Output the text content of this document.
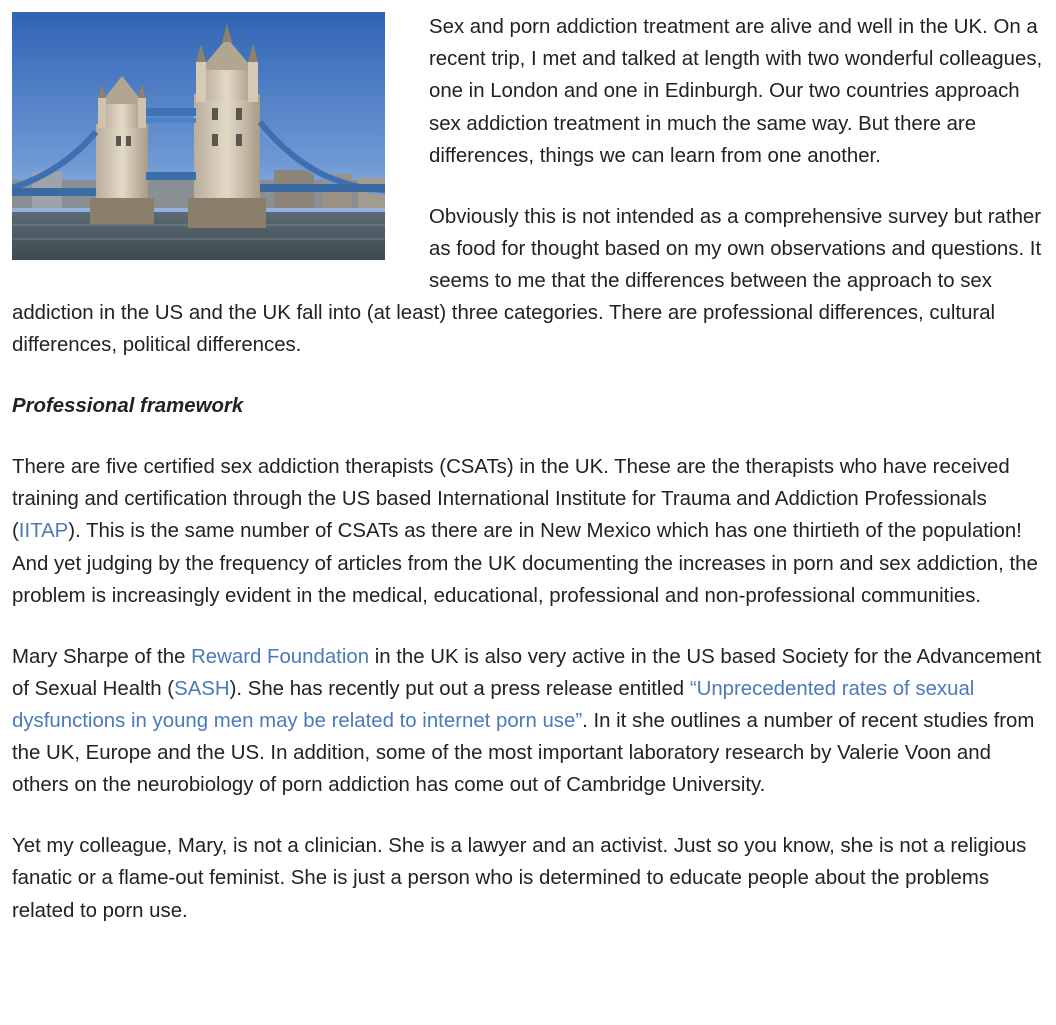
Sex and porn addiction treatment are alive and well in the UK. On a recent trip, I met and talked at length with two wonderful colleagues, one in London and one in Edinburgh. Our two countries approach sex addiction treatment in much the same way. But there are differences, things we can learn from one another.

Obviously this is not intended as a comprehensive survey but rather as food for thought based on my own observations and questions. It seems to me that the differences between the approach to sex addiction in the US and the UK fall into (at least) three categories. There are professional differences, cultural differences, political differences.

Professional framework

There are five certified sex addiction therapists (CSATs) in the UK. These are the therapists who have received training and certification through the US based International Institute for Trauma and Addiction Professionals (IITAP). This is the same number of CSATs as there are in New Mexico which has one thirtieth of the population! And yet judging by the frequency of articles from the UK documenting the increases in porn and sex addiction, the problem is increasingly evident in the medical, educational, professional and non-professional communities.

Mary Sharpe of the Reward Foundation in the UK is also very active in the US based Society for the Advancement of Sexual Health (SASH). She has recently put out a press release entitled “Unprecedented rates of sexual dysfunctions in young men may be related to internet porn use”. In it she outlines a number of recent studies from the UK, Europe and the US. In addition, some of the most important laboratory research by Valerie Voon and others on the neurobiology of porn addiction has come out of Cambridge University.

Yet my colleague, Mary, is not a clinician. She is a lawyer and an activist. Just so you know, she is not a religious fanatic or a flame-out feminist. She is just a person who is determined to educate people about the problems related to porn use.
